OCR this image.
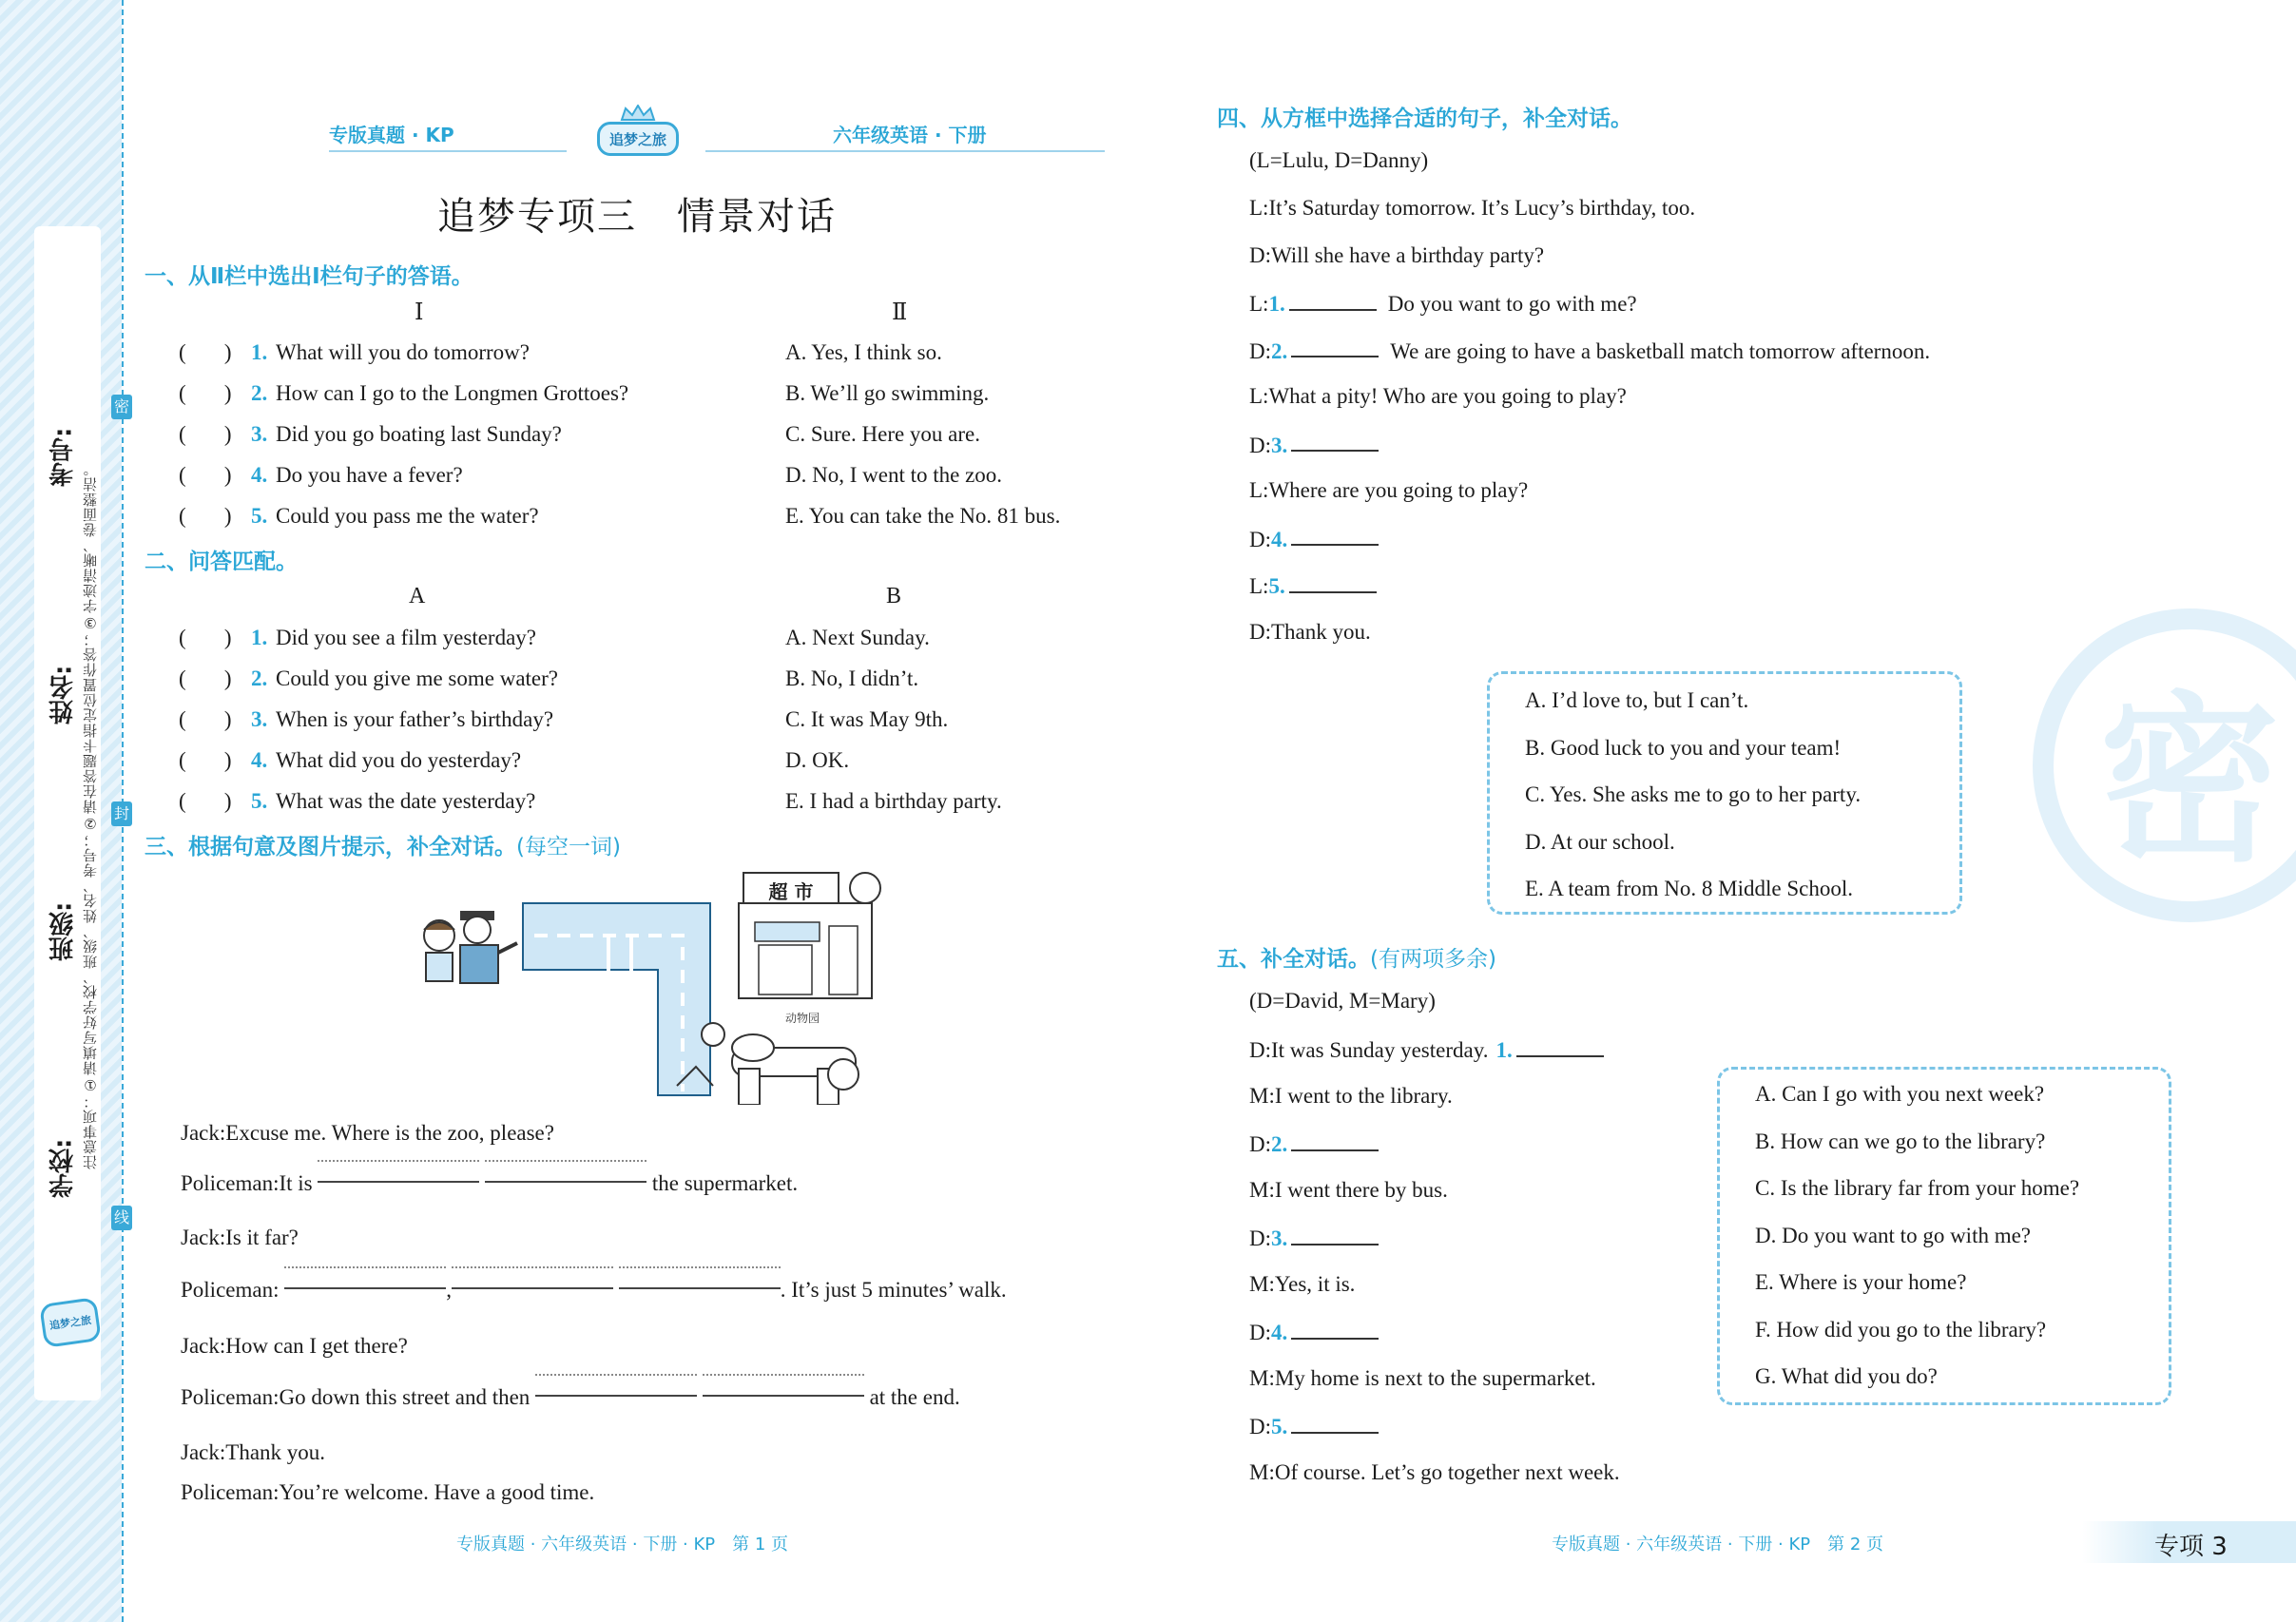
学校:
班级:
姓名:
考号:
注意事项：①请填写好学校、班级、姓名、考号；②请在答题卡指定位置作答；③字迹清晰、卷面整洁。
密
封
线
追梦之旅
专版真题 · KP	追梦之旅	六年级英语 · 下册
追梦专项三　情景对话
一、从Ⅱ栏中选出Ⅰ栏句子的答语。
Ⅰ	Ⅱ
(       ) 1. What will you do tomorrow?	A. Yes, I think so.
(       ) 2. How can I go to the Longmen Grottoes?	B. We’ll go swimming.
(       ) 3. Did you go boating last Sunday?	C. Sure. Here you are.
(       ) 4. Do you have a fever?	D. No, I went to the zoo.
(       ) 5. Could you pass me the water?	E. You can take the No. 81 bus.
二、问答匹配。
A	B
(       ) 1. Did you see a film yesterday?	A. Next Sunday.
(       ) 2. Could you give me some water?	B. No, I didn’t.
(       ) 3. When is your father’s birthday?	C. It was May 9th.
(       ) 4. What did you do yesterday?	D. OK.
(       ) 5. What was the date yesterday?	E. I had a birthday party.
三、根据句意及图片提示，补全对话。(每空一词)
超 市
动物园
Jack:Excuse me. Where is the zoo, please?
Policeman:It is	the supermarket.
Jack:Is it far?
Policeman:	,	. It’s just 5 minutes’ walk.
Jack:How can I get there?
Policeman:Go down this street and then	at the end.
Jack:Thank you.
Policeman:You’re welcome. Have a good time.
专版真题 · 六年级英语 · 下册 · KP　第 1 页
四、从方框中选择合适的句子，补全对话。
(L=Lulu, D=Danny)
L:It’s Saturday tomorrow. It’s Lucy’s birthday, too.
D:Will she have a birthday party?
L:1.	Do you want to go with me?
D:2.	We are going to have a basketball match tomorrow afternoon.
L:What a pity! Who are you going to play?
D:3.
L:Where are you going to play?
D:4.
L:5.
D:Thank you.
A. I’d love to, but I can’t.
B. Good luck to you and your team!
C. Yes. She asks me to go to her party.
D. At our school.
E. A team from No. 8 Middle School.
密
五、补全对话。(有两项多余)
(D=David, M=Mary)
D:It was Sunday yesterday. 1.
M:I went to the library.
D:2.
M:I went there by bus.
D:3.
M:Yes, it is.
D:4.
M:My home is next to the supermarket.
D:5.
M:Of course. Let’s go together next week.
A. Can I go with you next week?
B. How can we go to the library?
C. Is the library far from your home?
D. Do you want to go with me?
E. Where is your home?
F. How did you go to the library?
G. What did you do?
专版真题 · 六年级英语 · 下册 · KP　第 2 页	专项 3
